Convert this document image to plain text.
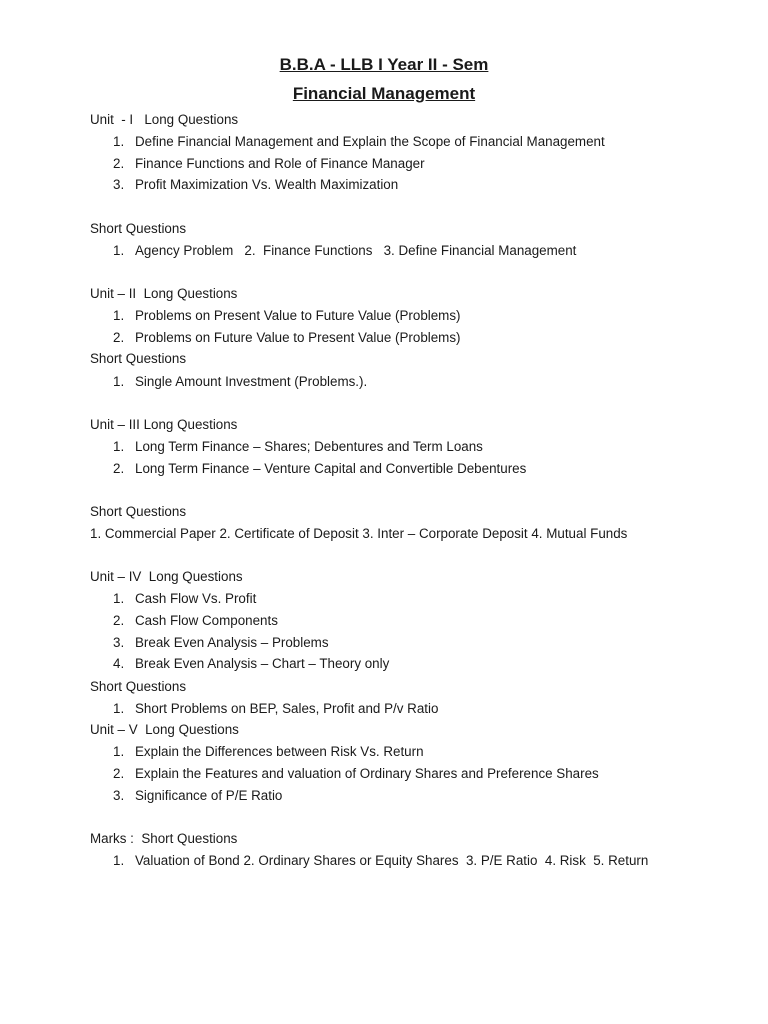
B.B.A - LLB I Year II - Sem
Financial Management
Unit  - I   Long Questions
1. Define Financial Management and Explain the Scope of Financial Management
2. Finance Functions and Role of Finance Manager
3. Profit Maximization Vs. Wealth Maximization
Short Questions
1. Agency Problem   2.  Finance Functions   3. Define Financial Management
Unit – II  Long Questions
1. Problems on Present Value to Future Value (Problems)
2. Problems on Future Value to Present Value (Problems)
Short Questions
1. Single Amount Investment (Problems.).
Unit – III Long Questions
1. Long Term Finance – Shares; Debentures and Term Loans
2. Long Term Finance – Venture Capital and Convertible Debentures
Short Questions
1. Commercial Paper 2. Certificate of Deposit 3. Inter – Corporate Deposit 4. Mutual Funds
Unit – IV  Long Questions
1. Cash Flow Vs. Profit
2. Cash Flow Components
3. Break Even Analysis – Problems
4. Break Even Analysis – Chart – Theory only
Short Questions
1. Short Problems on BEP, Sales, Profit and P/v Ratio
Unit – V  Long Questions
1. Explain the Differences between Risk Vs. Return
2. Explain the Features and valuation of Ordinary Shares and Preference Shares
3. Significance of P/E Ratio
Marks :  Short Questions
1. Valuation of Bond 2. Ordinary Shares or Equity Shares  3. P/E Ratio  4. Risk  5. Return
